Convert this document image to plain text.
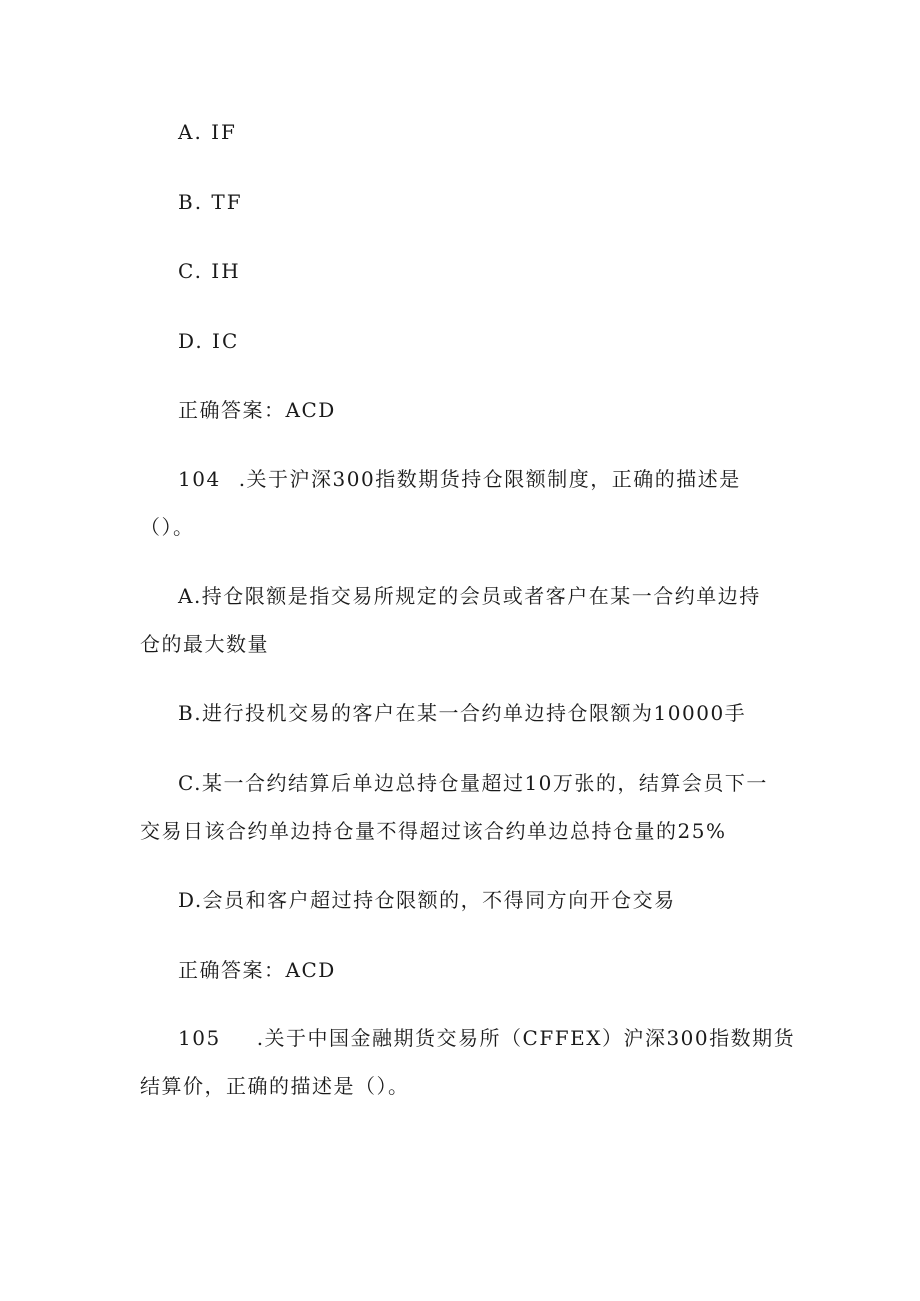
A. IF
B. TF
C. IH
D. IC
正确答案：ACD
104 .关于沪深300指数期货持仓限额制度，正确的描述是
（）。
A.持仓限额是指交易所规定的会员或者客户在某一合约单边持
仓的最大数量
B.进行投机交易的客户在某一合约单边持仓限额为10000手
C.某一合约结算后单边总持仓量超过10万张的，结算会员下一
交易日该合约单边持仓量不得超过该合约单边总持仓量的25%
D.会员和客户超过持仓限额的，不得同方向开仓交易
正确答案：ACD
105 .关于中国金融期货交易所（CFFEX）沪深300指数期货
结算价，正确的描述是（）。
